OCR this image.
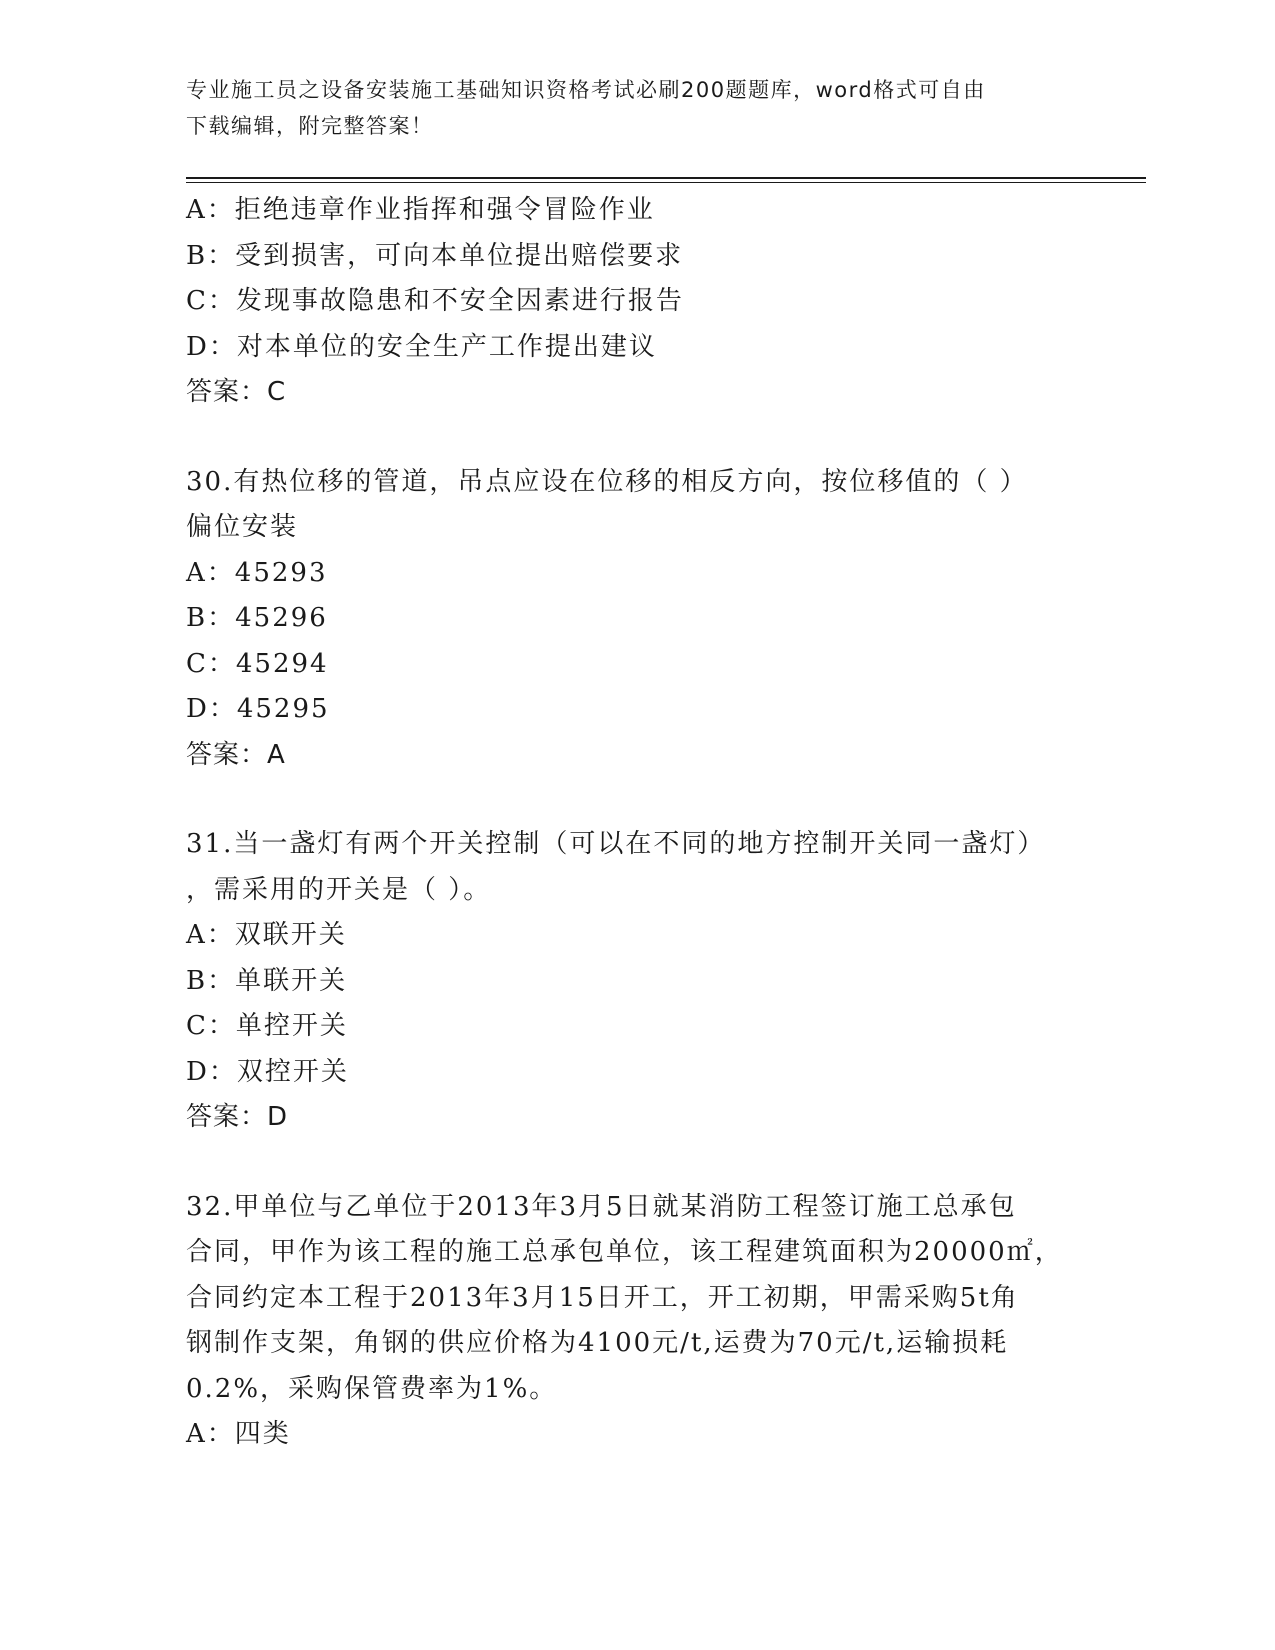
专业施工员之设备安装施工基础知识资格考试必刷200题题库，word格式可自由
下载编辑，附完整答案！
A：拒绝违章作业指挥和强令冒险作业
B：受到损害，可向本单位提出赔偿要求
C：发现事故隐患和不安全因素进行报告
D：对本单位的安全生产工作提出建议
答案：C
30.有热位移的管道，吊点应设在位移的相反方向，按位移值的（ ）
偏位安装
A：45293
B：45296
C：45294
D：45295
答案：A
31.当一盏灯有两个开关控制（可以在不同的地方控制开关同一盏灯）
，需采用的开关是（ ）。
A：双联开关
B：单联开关
C：单控开关
D：双控开关
答案：D
32.甲单位与乙单位于2013年3月5日就某消防工程签订施工总承包
合同，甲作为该工程的施工总承包单位，该工程建筑面积为20000㎡，
合同约定本工程于2013年3月15日开工，开工初期，甲需采购5t角
钢制作支架，角钢的供应价格为4100元/t,运费为70元/t,运输损耗
0.2%，采购保管费率为1%。
A：四类
